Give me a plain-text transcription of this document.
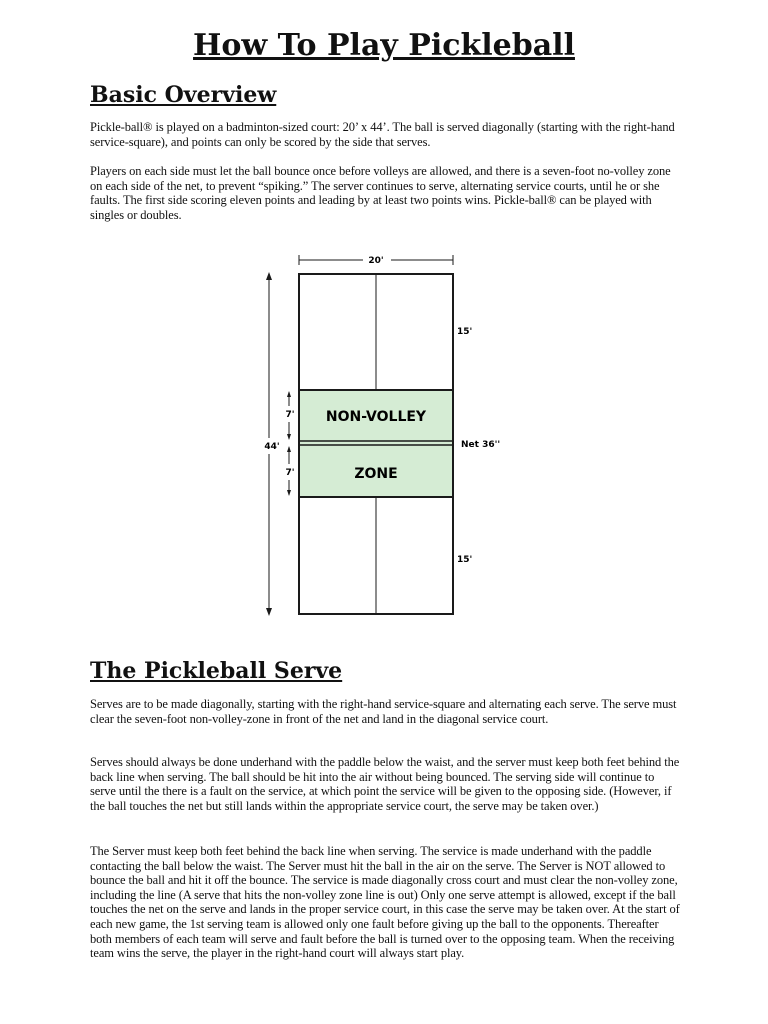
How To Play Pickleball
Basic Overview

Pickle-ball® is played on a badminton-sized court: 20’ x 44’. The ball is served diagonally (starting with the right-hand service-square), and points can only be scored by the side that serves.

Players on each side must let the ball bounce once before volleys are allowed, and there is a seven-foot no-volley zone on each side of the net, to prevent “spiking.” The server continues to serve, alternating service courts, until he or she faults. The first side scoring eleven points and leading by at least two points wins. Pickle-ball® can be played with singles or doubles.

20'
44'
NON-VOLLEY
ZONE
15'
15'
Net 36''
7'
7'
The Pickleball Serve

Serves are to be made diagonally, starting with the right-hand service-square and alternating each serve. The serve must clear the seven-foot non-volley-zone in front of the net and land in the diagonal service court.

Serves should always be done underhand with the paddle below the waist, and the server must keep both feet behind the back line when serving. The ball should be hit into the air without being bounced. The serving side will continue to serve until the there is a fault on the service, at which point the service will be given to the opposing side. (However, if the ball touches the net but still lands within the appropriate service court, the serve may be taken over.)

The Server must keep both feet behind the back line when serving. The service is made underhand with the paddle contacting the ball below the waist. The Server must hit the ball in the air on the serve. The Server is NOT allowed to bounce the ball and hit it off the bounce. The service is made diagonally cross court and must clear the non-volley zone, including the line (A serve that hits the non-volley zone line is out) Only one serve attempt is allowed, except if the ball touches the net on the serve and lands in the proper service court, in this case the serve may be taken over. At the start of each new game, the 1st serving team is allowed only one fault before giving up the ball to the opponents. Thereafter both members of each team will serve and fault before the ball is turned over to the opposing team. When the receiving team wins the serve, the player in the right-hand court will always start play.
